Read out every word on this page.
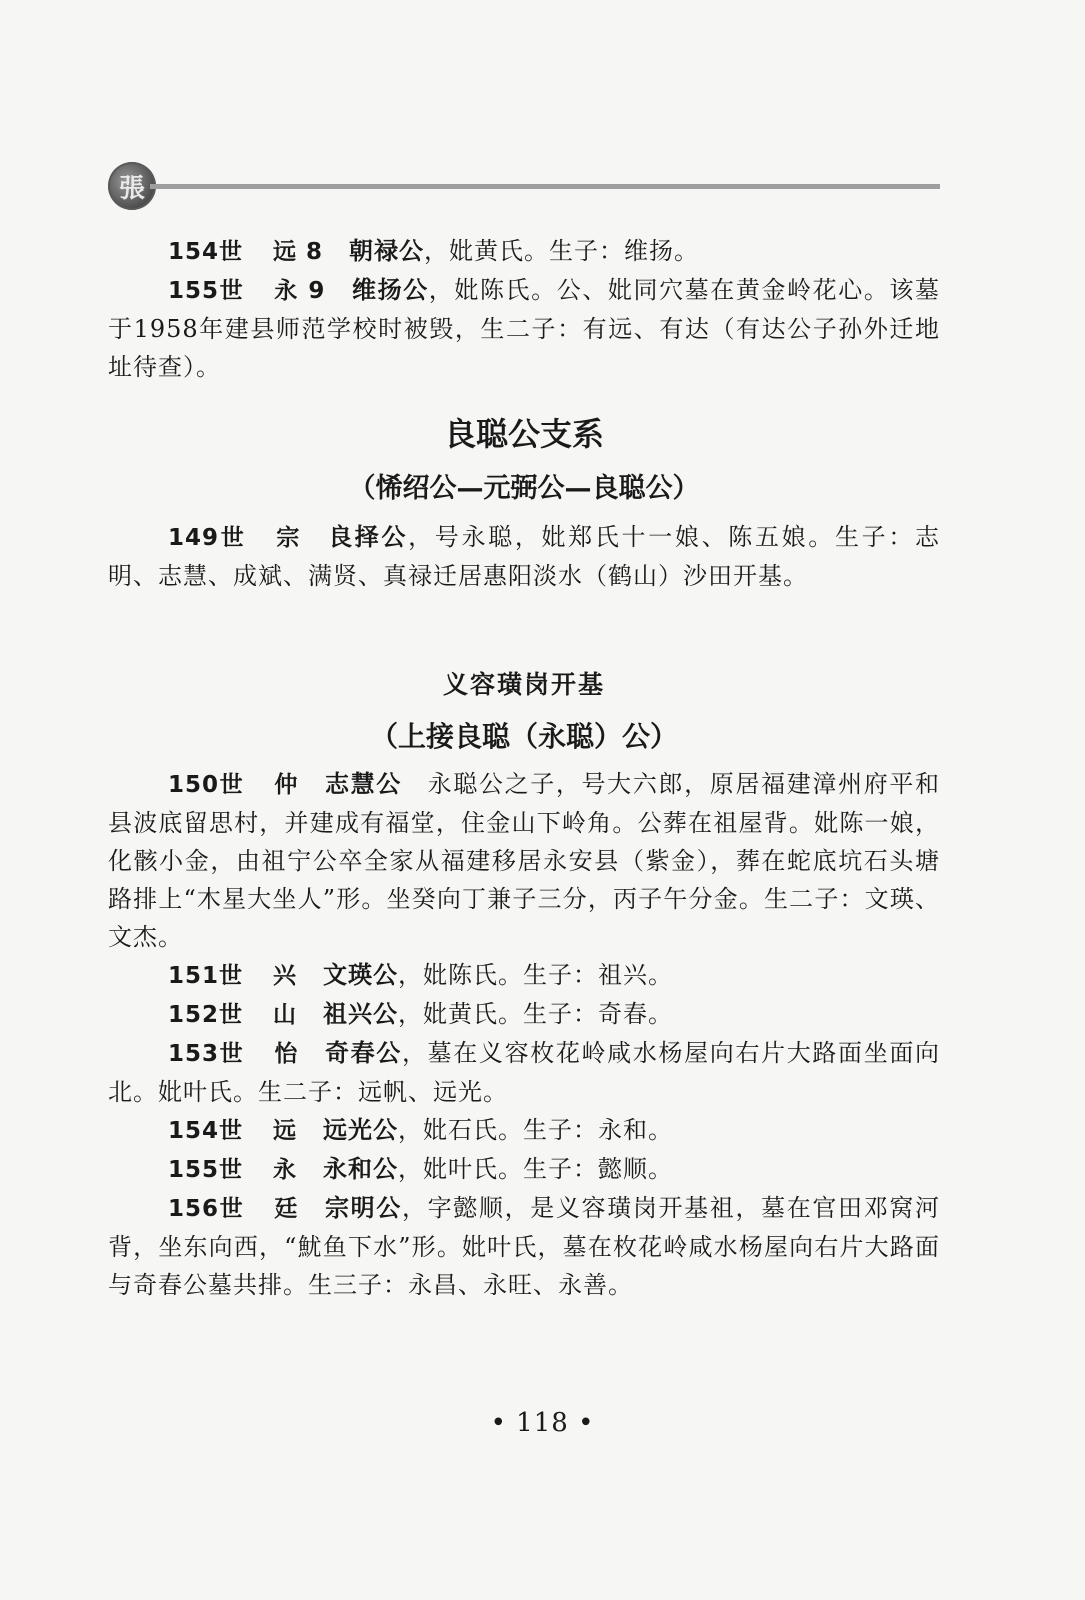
張

154世 远 8 朝禄公，妣黄氏。生子：维扬。

155世 永 9 维扬公，妣陈氏。公、妣同穴墓在黄金岭花心。该墓于1958年建县师范学校时被毁，生二子：有远、有达（有达公子孙外迁地址待查）。

良聪公支系
（悕绍公—元弼公—良聪公）

149世 宗 良择公，号永聪，妣郑氏十一娘、陈五娘。生子：志明、志慧、成斌、满贤、真禄迁居惠阳淡水（鹤山）沙田开基。

义容璜岗开基
（上接良聪（永聪）公）

150世 仲 志慧公　永聪公之子，号大六郎，原居福建漳州府平和县波底留思村，并建成有福堂，住金山下岭角。公葬在祖屋背。妣陈一娘，化骸小金，由祖宁公卒全家从福建移居永安县（紫金），葬在蛇底坑石头塘路排上“木星大坐人”形。坐癸向丁兼子三分，丙子午分金。生二子：文瑛、文杰。

151世 兴 文瑛公，妣陈氏。生子：祖兴。

152世 山 祖兴公，妣黄氏。生子：奇春。

153世 怡 奇春公，墓在义容枚花岭咸水杨屋向右片大路面坐面向北。妣叶氏。生二子：远帆、远光。

154世 远 远光公，妣石氏。生子：永和。

155世 永 永和公，妣叶氏。生子：懿顺。

156世 廷 宗明公，字懿顺，是义容璜岗开基祖，墓在官田邓窝河背，坐东向西，“魷鱼下水”形。妣叶氏，墓在枚花岭咸水杨屋向右片大路面与奇春公墓共排。生三子：永昌、永旺、永善。

• 118 •
